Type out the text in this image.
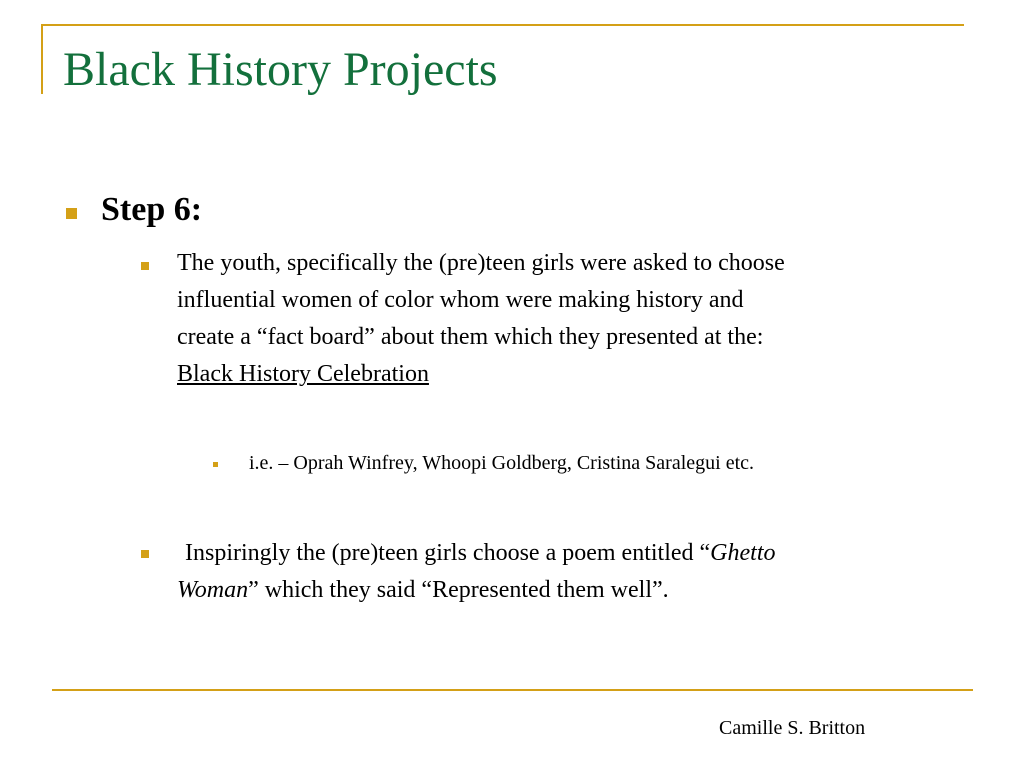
Black History Projects
Step 6:
The youth, specifically the (pre)teen girls were asked to choose
influential women of color whom were making history and
create a “fact board” about them which they presented at the:
Black History Celebration
i.e. – Oprah Winfrey, Whoopi Goldberg, Cristina Saralegui etc.
Inspiringly the (pre)teen girls choose a poem entitled “Ghetto
Woman” which they said “Represented them well”.
Camille S. Britton
